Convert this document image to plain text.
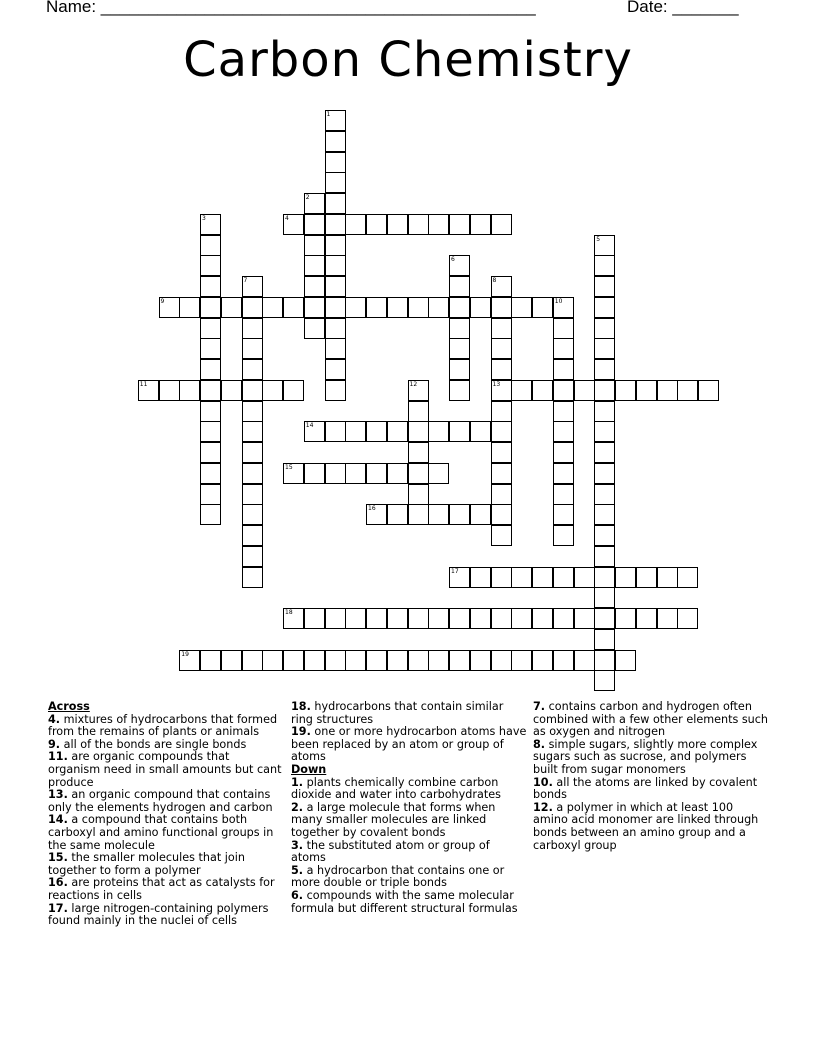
Name: ______________________________________________	Date: _______
Carbon Chemistry
1
2
3	4
5
6
7	8
13
9	10
11	12
14
15
16
17
18
19
Across
4. mixtures of hydrocarbons that formed from the remains of plants or animals
9. all of the bonds are single bonds
11. are organic compounds that organism need in small amounts but cant produce
13. an organic compound that contains only the elements hydrogen and carbon
14. a compound that contains both carboxyl and amino functional groups in the same molecule
15. the smaller molecules that join together to form a polymer
16. are proteins that act as catalysts for reactions in cells
17. large nitrogen-containing polymers found mainly in the nuclei of cells
18. hydrocarbons that contain similar ring structures
19. one or more hydrocarbon atoms have been replaced by an atom or group of atoms
Down
1. plants chemically combine carbon dioxide and water into carbohydrates
2. a large molecule that forms when many smaller molecules are linked together by covalent bonds
3. the substituted atom or group of atoms
5. a hydrocarbon that contains one or more double or triple bonds
6. compounds with the same molecular formula but different structural formulas
7. contains carbon and hydrogen often combined with a few other elements such as oxygen and nitrogen
8. simple sugars, slightly more complex sugars such as sucrose, and polymers built from sugar monomers
10. all the atoms are linked by covalent bonds
12. a polymer in which at least 100 amino acid monomer are linked through bonds between an amino group and a carboxyl group
